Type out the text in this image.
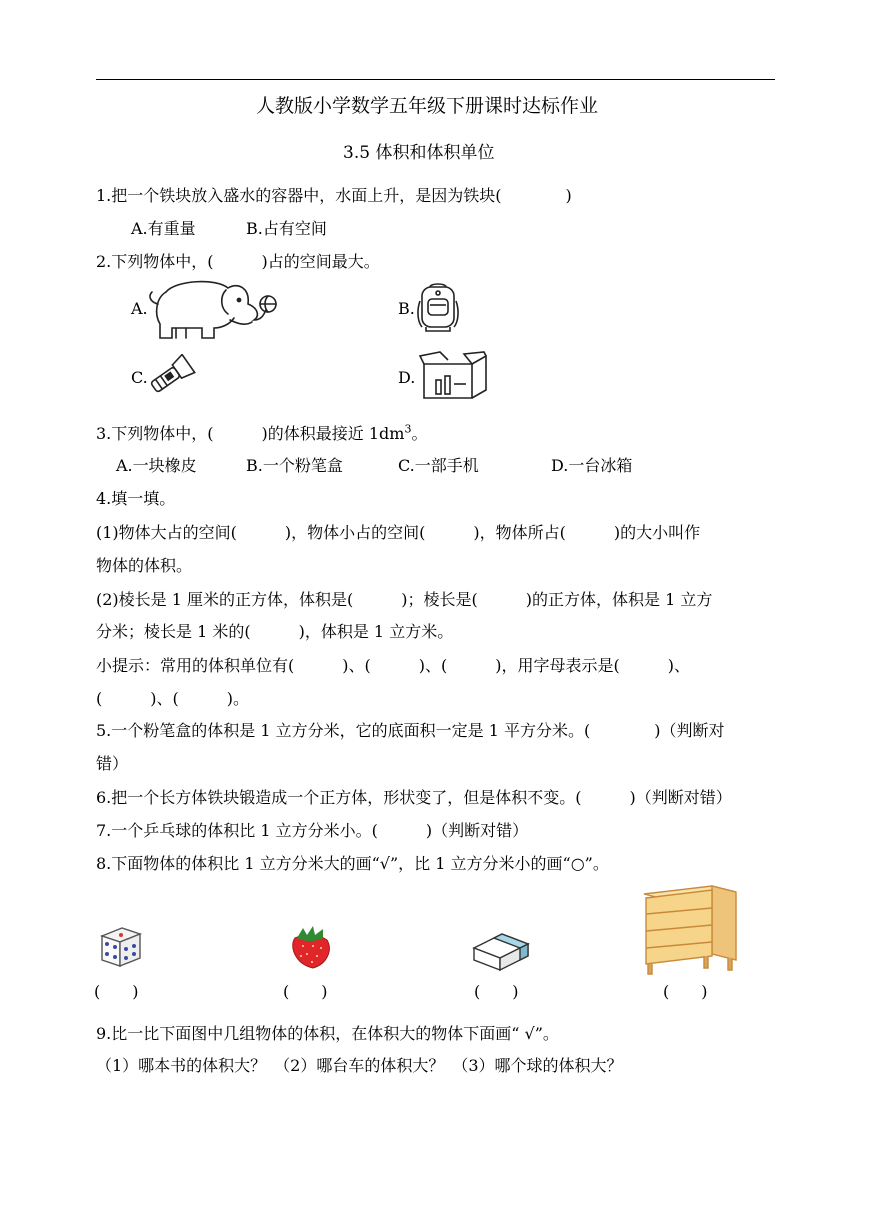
人教版小学数学五年级下册课时达标作业
3.5 体积和体积单位
1.把一个铁块放入盛水的容器中，水面上升，是因为铁块(　　　　)
A.有重量	B.占有空间
2.下列物体中，(　　　)占的空间最大。
A.	B.
C.	D.
3.下列物体中，(　　　)的体积最接近 $1dm^3$。
A.一块橡皮	B.一个粉笔盒	C.一部手机	D.一台冰箱
4.填一填。
(1)物体大占的空间(　　　)，物体小占的空间(　　　)，物体所占(　　　)的大小叫作
物体的体积。
(2)棱长是 1 厘米的正方体，体积是(　　　)；棱长是(　　　)的正方体，体积是 1 立方
分米；棱长是 1 米的(　　　)，体积是 1 立方米。
小提示：常用的体积单位有(　　　)、(　　　)、(　　　)，用字母表示是(　　　)、
(　　　)、(　　　)。
5.一个粉笔盒的体积是 1 立方分米，它的底面积一定是 1 平方分米。(　　　　)（判断对
错）
6.把一个长方体铁块锻造成一个正方体，形状变了，但是体积不变。(　　　)（判断对错）
7.一个乒乓球的体积比 1 立方分米小。(　　　)（判断对错）
8.下面物体的体积比 1 立方分米大的画“√”，比 1 立方分米小的画“○”。
(　　)	(　　)	(　　)	(　　)
9.比一比下面图中几组物体的体积，在体积大的物体下面画“ √”。
（1）哪本书的体积大？　（2）哪台车的体积大？　（3）哪个球的体积大？
